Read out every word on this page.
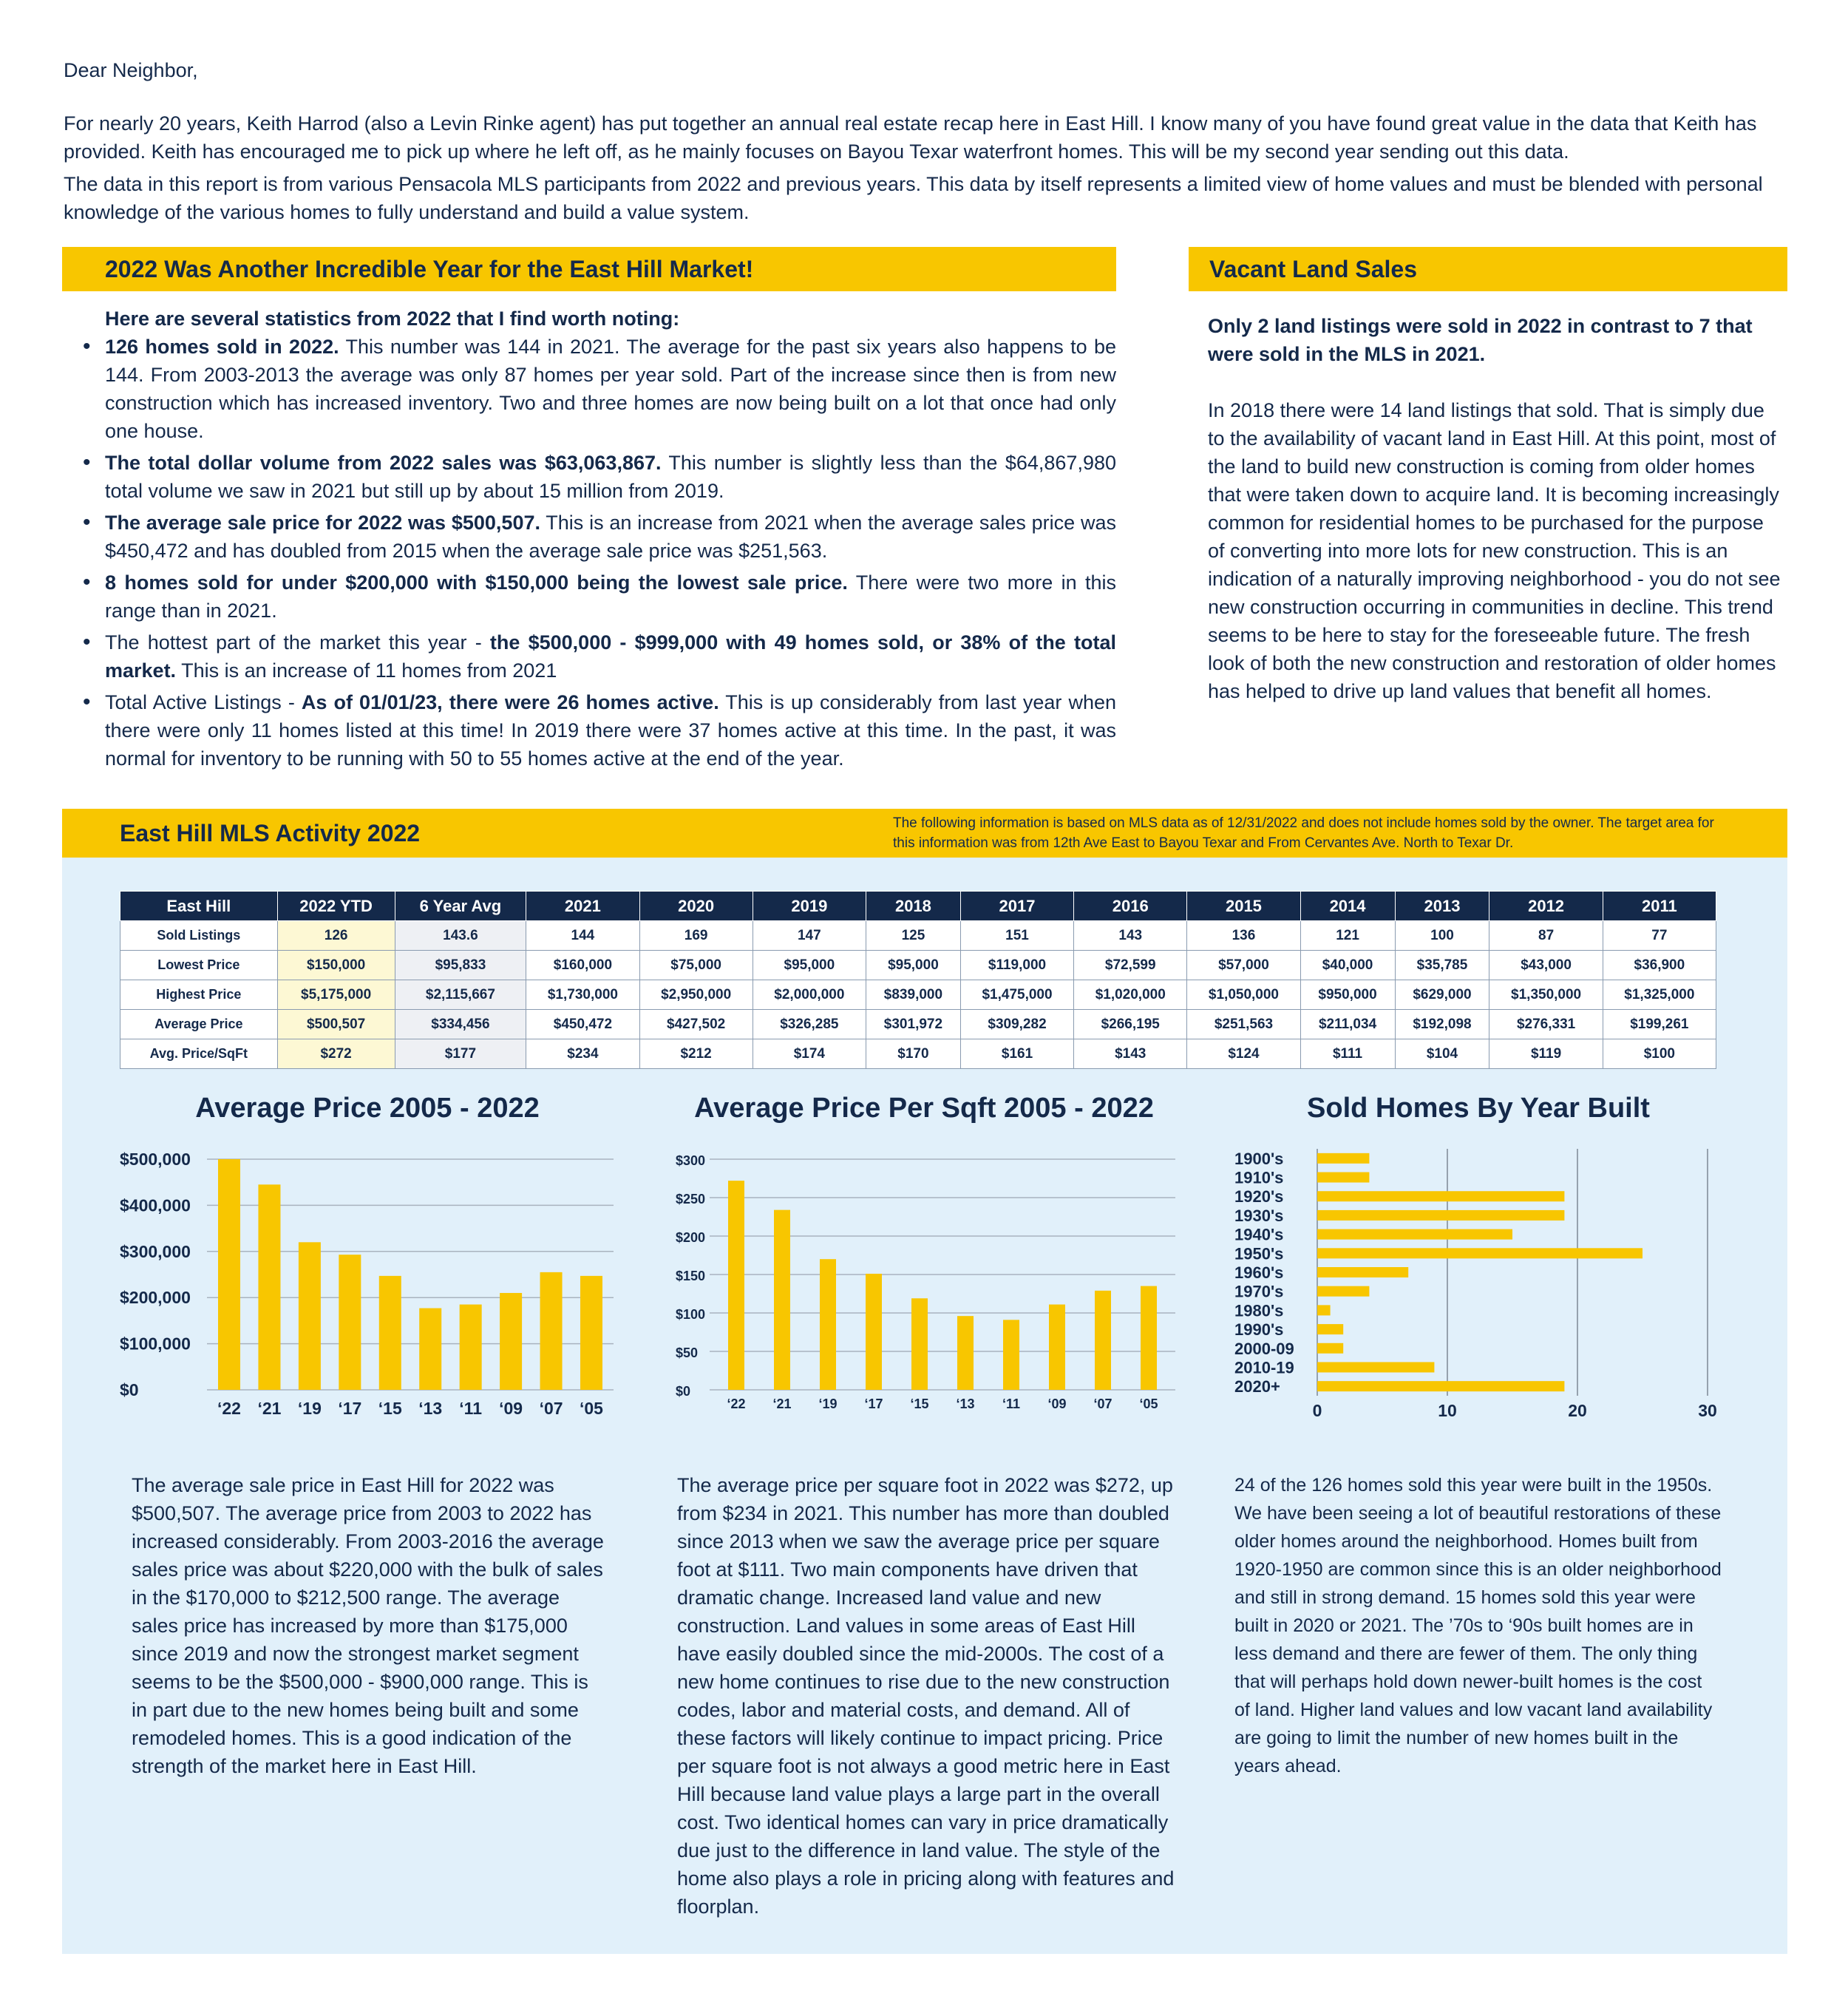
Dear Neighbor,
For nearly 20 years, Keith Harrod (also a Levin Rinke agent) has put together an annual real estate recap here in East Hill. I know many of you have found great value in the data that Keith has provided. Keith has encouraged me to pick up where he left off, as he mainly focuses on Bayou Texar waterfront homes. This will be my second year sending out this data.
The data in this report is from various Pensacola MLS participants from 2022 and previous years. This data by itself represents a limited view of home values and must be blended with personal knowledge of the various homes to fully understand and build a value system.
2022 Was Another Incredible Year for the East Hill Market!
Here are several statistics from 2022 that I find worth noting:
• 126 homes sold in 2022. This number was 144 in 2021. The average for the past six years also happens to be 144. From 2003-2013 the average was only 87 homes per year sold. Part of the increase since then is from new construction which has increased inventory. Two and three homes are now being built on a lot that once had only one house.
• The total dollar volume from 2022 sales was $63,063,867. This number is slightly less than the $64,867,980 total volume we saw in 2021 but still up by about 15 million from 2019.
• The average sale price for 2022 was $500,507. This is an increase from 2021 when the average sales price was $450,472 and has doubled from 2015 when the average sale price was $251,563.
• 8 homes sold for under $200,000 with $150,000 being the lowest sale price. There were two more in this range than in 2021.
• The hottest part of the market this year - the $500,000 - $999,000 with 49 homes sold, or 38% of the total market. This is an increase of 11 homes from 2021
• Total Active Listings - As of 01/01/23, there were 26 homes active. This is up considerably from last year when there were only 11 homes listed at this time! In 2019 there were 37 homes active at this time. In the past, it was normal for inventory to be running with 50 to 55 homes active at the end of the year.
Vacant Land Sales
Only 2 land listings were sold in 2022 in contrast to 7 that were sold in the MLS in 2021.
In 2018 there were 14 land listings that sold. That is simply due to the availability of vacant land in East Hill. At this point, most of the land to build new construction is coming from older homes that were taken down to acquire land. It is becoming increasingly common for residential homes to be purchased for the purpose of converting into more lots for new construction. This is an indication of a naturally improving neighborhood - you do not see new construction occurring in communities in decline. This trend seems to be here to stay for the foreseeable future. The fresh look of both the new construction and restoration of older homes has helped to drive up land values that benefit all homes.
East Hill MLS Activity 2022	The following information is based on MLS data as of 12/31/2022 and does not include homes sold by the owner. The target area for this information was from 12th Ave East to Bayou Texar and From Cervantes Ave. North to Texar Dr.
East Hill	2022 YTD	6 Year Avg	2021	2020	2019	2018	2017	2016	2015	2014	2013	2012	2011
Sold Listings	126	143.6	144	169	147	125	151	143	136	121	100	87	77
Lowest Price	$150,000	$95,833	$160,000	$75,000	$95,000	$95,000	$119,000	$72,599	$57,000	$40,000	$35,785	$43,000	$36,900
Highest Price	$5,175,000	$2,115,667	$1,730,000	$2,950,000	$2,000,000	$839,000	$1,475,000	$1,020,000	$1,050,000	$950,000	$629,000	$1,350,000	$1,325,000
Average Price	$500,507	$334,456	$450,472	$427,502	$326,285	$301,972	$309,282	$266,195	$251,563	$211,034	$192,098	$276,331	$199,261
Avg. Price/SqFt	$272	$177	$234	$212	$174	$170	$161	$143	$124	$111	$104	$119	$100
Average Price 2005 - 2022	Average Price Per Sqft 2005 - 2022	Sold Homes By Year Built
$0
$100,000
$200,000
$300,000
$400,000
$500,000
‘22 ‘21 ‘19 ‘17 ‘15 ‘13 ‘11 ‘09 ‘07 ‘05
$0
$50
$100
$150
$200
$250
$300
‘22 ‘21 ‘19 ‘17 ‘15 ‘13 ‘11 ‘09 ‘07 ‘05	0	10	20	30
1900's
1910's
1920's
1930's
1940's
1950's
1960's
1970's
1980's
1990's
2000-09
2010-19
2020+
The average sale price in East Hill for 2022 was $500,507. The average price from 2003 to 2022 has increased considerably. From 2003-2016 the average sales price was about $220,000 with the bulk of sales in the $170,000 to $212,500 range. The average sales price has increased by more than $175,000 since 2019 and now the strongest market segment seems to be the $500,000 - $900,000 range. This is in part due to the new homes being built and some remodeled homes. This is a good indication of the strength of the market here in East Hill.
The average price per square foot in 2022 was $272, up from $234 in 2021. This number has more than doubled since 2013 when we saw the average price per square foot at $111. Two main components have driven that dramatic change. Increased land value and new construction. Land values in some areas of East Hill have easily doubled since the mid-2000s. The cost of a new home continues to rise due to the new construction codes, labor and material costs, and demand. All of these factors will likely continue to impact pricing. Price per square foot is not always a good metric here in East Hill because land value plays a large part in the overall cost. Two identical homes can vary in price dramatically due just to the difference in land value. The style of the home also plays a role in pricing along with features and floorplan.
24 of the 126 homes sold this year were built in the 1950s. We have been seeing a lot of beautiful restorations of these older homes around the neighborhood. Homes built from 1920-1950 are common since this is an older neighborhood and still in strong demand. 15 homes sold this year were built in 2020 or 2021. The ’70s to ‘90s built homes are in less demand and there are fewer of them. The only thing that will perhaps hold down newer-built homes is the cost of land. Higher land values and low vacant land availability are going to limit the number of new homes built in the years ahead.
